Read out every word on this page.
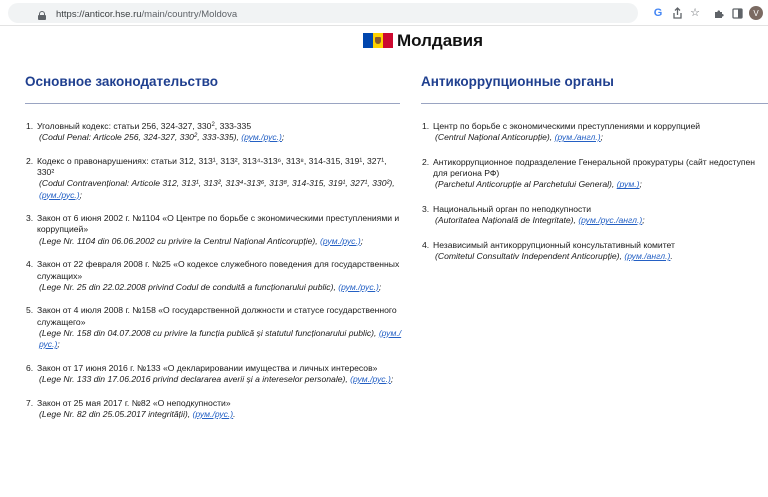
https://anticor.hse.ru/main/country/Moldova	G	☆	V
Молдавия
Основное законодательство	Антикоррупционные органы
1. Уголовный кодекс: статьи 256, 324-327, $330^2$, 333-335
(Codul Penal: Articole 256, 324-327, $330^2$, 333-335), (рум./рус.);
2. Кодекс о правонарушениях: статьи 312, 313¹, 313², 313⁴-313⁶, 313⁸, 314-315, 319¹, 327¹, 330²
(Codul Contravențional: Articole 312, 313¹, 313², 313⁴-313⁶, 313⁸, 314-315, 319¹, 327¹, 330²), (рум./рус.);
3. Закон от 6 июня 2002 г. №1104 «О Центре по борьбе с экономическими преступлениями и коррупцией»
(Lege Nr. 1104 din 06.06.2002 cu privire la Centrul Național Anticorupție), (рум./рус.);
4. Закон от 22 февраля 2008 г. №25 «О кодексе служебного поведения для государственных служащих»
(Lege Nr. 25 din 22.02.2008 privind Codul de conduită a funcționarului public), (рум./рус.);
5. Закон от 4 июля 2008 г. №158 «О государственной должности и статусе государственного служащего»
(Lege Nr. 158 din 04.07.2008 cu privire la funcția publică și statutul funcționarului public), (рум./рус.);
6. Закон от 17 июня 2016 г. №133 «О декларировании имущества и личных интересов»
(Lege Nr. 133 din 17.06.2016 privind declararea averii și a intereselor personale), (рум./рус.);
7. Закон от 25 мая 2017 г. №82 «О неподкупности»
(Lege Nr. 82 din 25.05.2017 integrității), (рум./рус.).
1. Центр по борьбе с экономическими преступлениями и коррупцией
(Centrul Național Anticorupție), (рум./англ.);
2. Антикоррупционное подразделение Генеральной прокуратуры (сайт недоступен для региона РФ)
(Parchetul Anticorupție al Parchetului General), (рум.);
3. Национальный орган по неподкупности
(Autoritatea Națională de Integritate), (рум./рус./англ.);
4. Независимый антикоррупционный консультативный комитет
(Comitetul Consultativ Independent Anticorupție), (рум./англ.).
